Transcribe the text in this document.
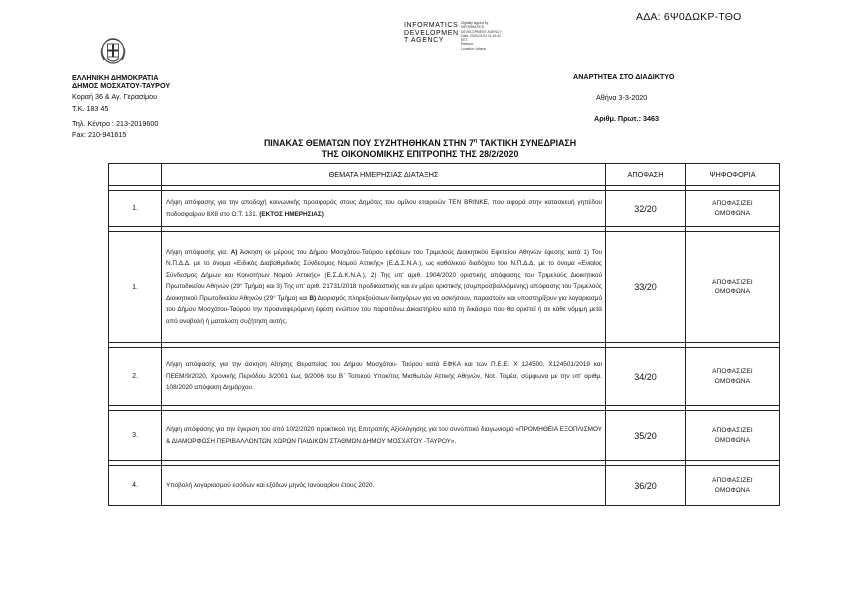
ΑΔΑ: 6Ψ0ΔΩΚΡ-ΤΘΟ
INFORMATICS
DEVELOPMEN
T AGENCY
Digitally signed by
INFORMATICS
DEVELOPMENT AGENCY
Date: 2020.03.03 11:19:42
EET
Reason:
Location: Athens
ΕΛΛΗΝΙΚΗ ΔΗΜΟΚΡΑΤΙΑ
ΔΗΜΟΣ ΜΟΣΧΑΤΟΥ-ΤΑΥΡΟΥ
Κοραή 36 & Αγ. Γερασίμου
Τ.Κ. 183 45
Τηλ. Κέντρο : 213-2019600
Fax: 210-941615
ΑΝΑΡΤΗΤΕΑ ΣΤΟ ΔΙΑΔΙΚΤΥΟ
Αθήνα 3-3-2020
Αριθμ. Πρωτ.: 3463
ΠΙΝΑΚΑΣ ΘΕΜΑΤΩΝ ΠΟΥ ΣΥΖΗΤΗΘΗΚΑΝ ΣΤΗΝ $7^\eta$ ΤΑΚΤΙΚΗ ΣΥΝΕΔΡΙΑΣΗ
ΤΗΣ ΟΙΚΟΝΟΜΙΚΗΣ ΕΠΙΤΡΟΠΗΣ ΤΗΣ 28/2/2020
	ΘΕΜΑΤΑ ΗΜΕΡΗΣΙΑΣ ΔΙΑΤΑΞΗΣ	ΑΠΟΦΑΣΗ	ΨΗΦΟΦΟΡΙΑ

1.	Λήψη απόφασης για την αποδοχή κοινωνικής προσφοράς στους Δημότες του ομίλου εταιρειών TEN BRINKE, που αφορά στην κατασκευή γηπέδου ποδοσφαίρου 8Χ8 στο Ο.Τ. 131. (ΕΚΤΟΣ ΗΜΕΡΗΣΙΑΣ)	32/20	ΑΠΟΦΑΣΙΖΕΙ
ΟΜΟΦΩΝΑ

1.	Λήψη απόφασης για: Α) Άσκηση εκ μέρους του Δήμου Μοσχάτου-Ταύρου εφέσεων του Τριμελούς Διοικητικού Εφετείου Αθηνών έφεσης κατά 1) Του Ν.Π.Δ.Δ. με το όνομα «Ειδικός Διαβαθμιδικός Σύνδεσμος Νομού Αττικής» (Ε.Δ.Σ.Ν.Α.), ως καθολικού διαδόχου του Ν.Π.Δ.Δ. με το όνομα «Ενιαίος Σύνδεσμος Δήμων και Κοινοτήτων Νομού Αττικής» (Ε.Σ.Δ.Κ.Ν.Α.), 2) Της υπ' αριθ. 1904/2020 οριστικής απόφασης του Τριμελούς Διοικητικού Πρωτοδικείου Αθηνών (29° Τμήμα) και 3) Της υπ' αριθ. 21731/2018 προδικαστικής και εν μέρει οριστικής (συμπροσβαλλόμενης) απόφασης του Τριμελούς Διοικητικού Πρωτοδικείου Αθηνών (29° Τμήμα) και Β) Διορισμός πληρεξούσιων δικηγόρων για να ασκήσουν, παραστούν και υποστηρίξουν για λογαριασμό του Δήμου Μοσχάτου-Ταύρου την προαναφερόμενη έφεση ενώπιον του παραπάνω Δικαστηρίου κατά τη δικάσιμο που θα οριστεί ή σε κάθε νόμιμη μετά από αναβολή ή ματαίωση συζήτηση αυτής.	33/20	ΑΠΟΦΑΣΙΖΕΙ
ΟΜΟΦΩΝΑ

2.	Λήψη απόφασης για την άσκηση Αίτησης Θεραπείας του Δήμου Μοσχάτου- Ταύρου κατά ΕΦΚΑ και των Π.Ε.Ε. Χ 124500, Χ124501/2019 και ΠΕΕΜ/9/2020, Χρονικής Περιόδου 3/2001 έως 9/2006 του Β΄ Τοπικού Υποκ/τος Μισθωτών Αττικής Αθηνών, Νοτ. Τομέα, σύμφωνα με την υπ' αριθμ. 108/2020 απόφαση Δημάρχου.	34/20	ΑΠΟΦΑΣΙΖΕΙ
ΟΜΟΦΩΝΑ

3.	Λήψη απόφασης για την έγκριση του από 10/2/2020 πρακτικού της Επιτροπής Αξιολόγησης για τον συνοπτικό διαγωνισμό «ΠΡΟΜΗΘΕΙΑ ΕΞΟΠΛΙΣΜΟΥ & ΔΙΑΜΟΡΦΩΣΗ ΠΕΡΙΒΑΛΛΟΝΤΩΝ ΧΩΡΩΝ ΠΑΙΔΙΚΩΝ ΣΤΑΘΜΩΝ ΔΗΜΟΥ ΜΟΣΧΑΤΟΥ -ΤΑΥΡΟΥ».	35/20	ΑΠΟΦΑΣΙΖΕΙ
ΟΜΟΦΩΝΑ

4.	Υποβολή λογαριασμού εσόδων και εξόδων μηνός Ιανουαρίου έτους 2020.	36/20	ΑΠΟΦΑΣΙΖΕΙ
ΟΜΟΦΩΝΑ
